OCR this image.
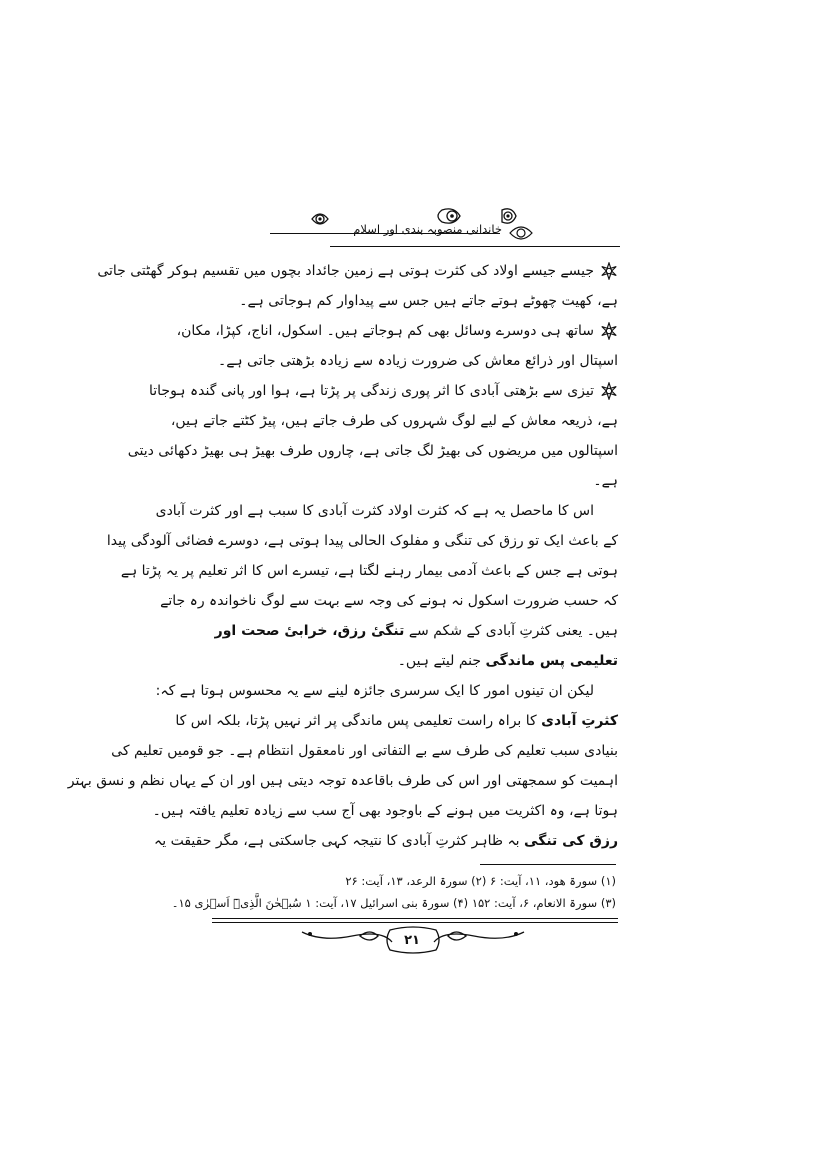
خاندانی منصوبہ بندی اور اسلام
جیسے جیسے اولاد کی کثرت ہوتی ہے زمین جائداد بچوں میں تقسیم ہوکر گھٹتی جاتی
ہے، کھیت چھوٹے ہوتے جاتے ہیں جس سے پیداوار کم ہوجاتی ہے۔
ساتھ ہی دوسرے وسائل بھی کم ہوجاتے ہیں۔ اسکول، اناج، کپڑا، مکان،
اسپتال اور ذرائع معاش کی ضرورت زیادہ سے زیادہ بڑھتی جاتی ہے۔
تیزی سے بڑھتی آبادی کا اثر پوری زندگی پر پڑتا ہے، ہوا اور پانی گندہ ہوجاتا
ہے، ذریعہ معاش کے لیے لوگ شہروں کی طرف جاتے ہیں، پیڑ کٹتے جاتے ہیں،
اسپتالوں میں مریضوں کی بھیڑ لگ جاتی ہے، چاروں طرف بھیڑ ہی بھیڑ دکھائی دیتی
ہے۔
اس کا ماحصل یہ ہے کہ کثرت اولاد کثرت آبادی کا سبب ہے اور کثرت آبادی
کے باعث ایک تو رزق کی تنگی و مفلوک الحالی پیدا ہوتی ہے، دوسرے فضائی آلودگی پیدا
ہوتی ہے جس کے باعث آدمی بیمار رہنے لگتا ہے، تیسرے اس کا اثر تعلیم پر یہ پڑتا ہے
کہ حسب ضرورت اسکول نہ ہونے کی وجہ سے بہت سے لوگ ناخواندہ رہ جاتے
ہیں۔ یعنی کثرتِ آبادی کے شکم سے تنگیٔ رزق، خرابیٔ صحت اور
تعلیمی پس ماندگی جنم لیتے ہیں۔
لیکن ان تینوں امور کا ایک سرسری جائزہ لینے سے یہ محسوس ہوتا ہے کہ:
کثرتِ آبادی کا براہ راست تعلیمی پس ماندگی پر اثر نہیں پڑتا، بلکہ اس کا
بنیادی سبب تعلیم کی طرف سے بے التفاتی اور نامعقول انتظام ہے۔ جو قومیں تعلیم کی
اہمیت کو سمجھتی اور اس کی طرف باقاعدہ توجہ دیتی ہیں اور ان کے یہاں نظم و نسق بہتر
ہوتا ہے، وہ اکثریت میں ہونے کے باوجود بھی آج سب سے زیادہ تعلیم یافتہ ہیں۔
رزق کی تنگی بہ ظاہر کثرتِ آبادی کا نتیجہ کہی جاسکتی ہے، مگر حقیقت یہ
(۱) سورۃ ھود، ۱۱، آیت: ۶ (۲) سورۃ الرعد، ۱۳، آیت: ۲۶
(۳) سورۃ الانعام، ۶، آیت: ۱۵۲ (۴) سورۃ بنی اسرائیل ۱۷، آیت: ۱ سُبۡحٰنَ الَّذِیۡٓ اَسۡرٰی ۱۵۔
۲۱
